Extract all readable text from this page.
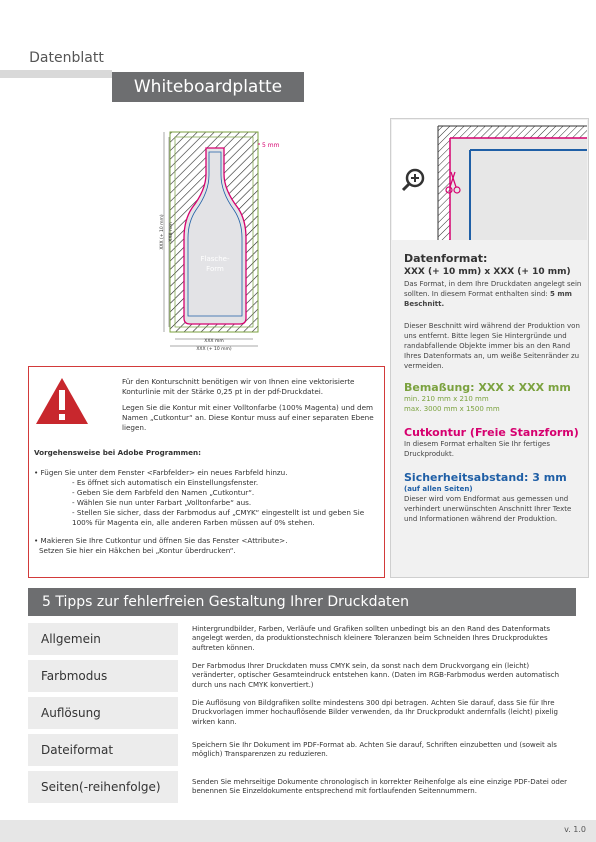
Datenblatt
Whiteboardplatte
5 mm
Flasche-
Form
XXX mm
XXX (+ 10 mm)
XXX (+ 10 mm) XXX mm
Datenformat:
XXX (+ 10 mm) x XXX (+ 10 mm)
Das Format, in dem Ihre Druckdaten angelegt sein sollten. In diesem Format enthalten sind: 5 mm Beschnitt.
Dieser Beschnitt wird während der Produktion von uns entfernt. Bitte legen Sie Hintergründe und randabfallende Objekte immer bis an den Rand Ihres Datenformats an, um weiße Seitenränder zu vermeiden.
Bemaßung: XXX x XXX mm
min. 210 mm x 210 mm
max. 3000 mm x 1500 mm
Cutkontur (Freie Stanzform)
In diesem Format erhalten Sie Ihr fertiges Druckprodukt.
Sicherheitsabstand: 3 mm
(auf allen Seiten)
Dieser wird vom Endformat aus gemessen und verhindert unerwünschten Anschnitt Ihrer Texte und Informationen während der Produktion.
Für den Konturschnitt benötigen wir von Ihnen eine vektorisierte Konturlinie mit der Stärke 0,25 pt in der pdf-Druckdatei.
Legen Sie die Kontur mit einer Volltonfarbe (100% Magenta) und dem Namen „Cutkontur“ an. Diese Kontur muss auf einer separaten Ebene liegen.
Vorgehensweise bei Adobe Programmen:
• Fügen Sie unter dem Fenster <Farbfelder> ein neues Farbfeld hinzu.
- Es öffnet sich automatisch ein Einstellungsfenster.
- Geben Sie dem Farbfeld den Namen „Cutkontur“.
- Wählen Sie nun unter Farbart „Volltonfarbe“ aus.
- Stellen Sie sicher, dass der Farbmodus auf „CMYK“ eingestellt ist und geben Sie 100% für Magenta ein, alle anderen Farben müssen auf 0% stehen.
• Makieren Sie Ihre Cutkontur und öffnen Sie das Fenster <Attribute>.
Setzen Sie hier ein Häkchen bei „Kontur überdrucken“.
5 Tipps zur fehlerfreien Gestaltung Ihrer Druckdaten
Allgemein
Hintergrundbilder, Farben, Verläufe und Grafiken sollten unbedingt bis an den Rand des Datenformats angelegt werden, da produktionstechnisch kleinere Toleranzen beim Schneiden Ihres Druckproduktes auftreten können.
Farbmodus
Der Farbmodus Ihrer Druckdaten muss CMYK sein, da sonst nach dem Druckvorgang ein (leicht) veränderter, optischer Gesamteindruck entstehen kann. (Daten im RGB-Farbmodus werden automatisch durch uns nach CMYK konvertiert.)
Auflösung
Die Auflösung von Bildgrafiken sollte mindestens 300 dpi betragen. Achten Sie darauf, dass Sie für Ihre Druckvorlagen immer hochauflösende Bilder verwenden, da Ihr Druckprodukt andernfalls (leicht) pixelig wirken kann.
Dateiformat	Speichern Sie Ihr Dokument im PDF-Format ab. Achten Sie darauf, Schriften einzubetten und (soweit als möglich) Transparenzen zu reduzieren.
Seiten(-reihenfolge)	Senden Sie mehrseitige Dokumente chronologisch in korrekter Reihenfolge als eine einzige PDF-Datei oder benennen Sie Einzeldokumente entsprechend mit fortlaufenden Seitennummern.
v. 1.0
